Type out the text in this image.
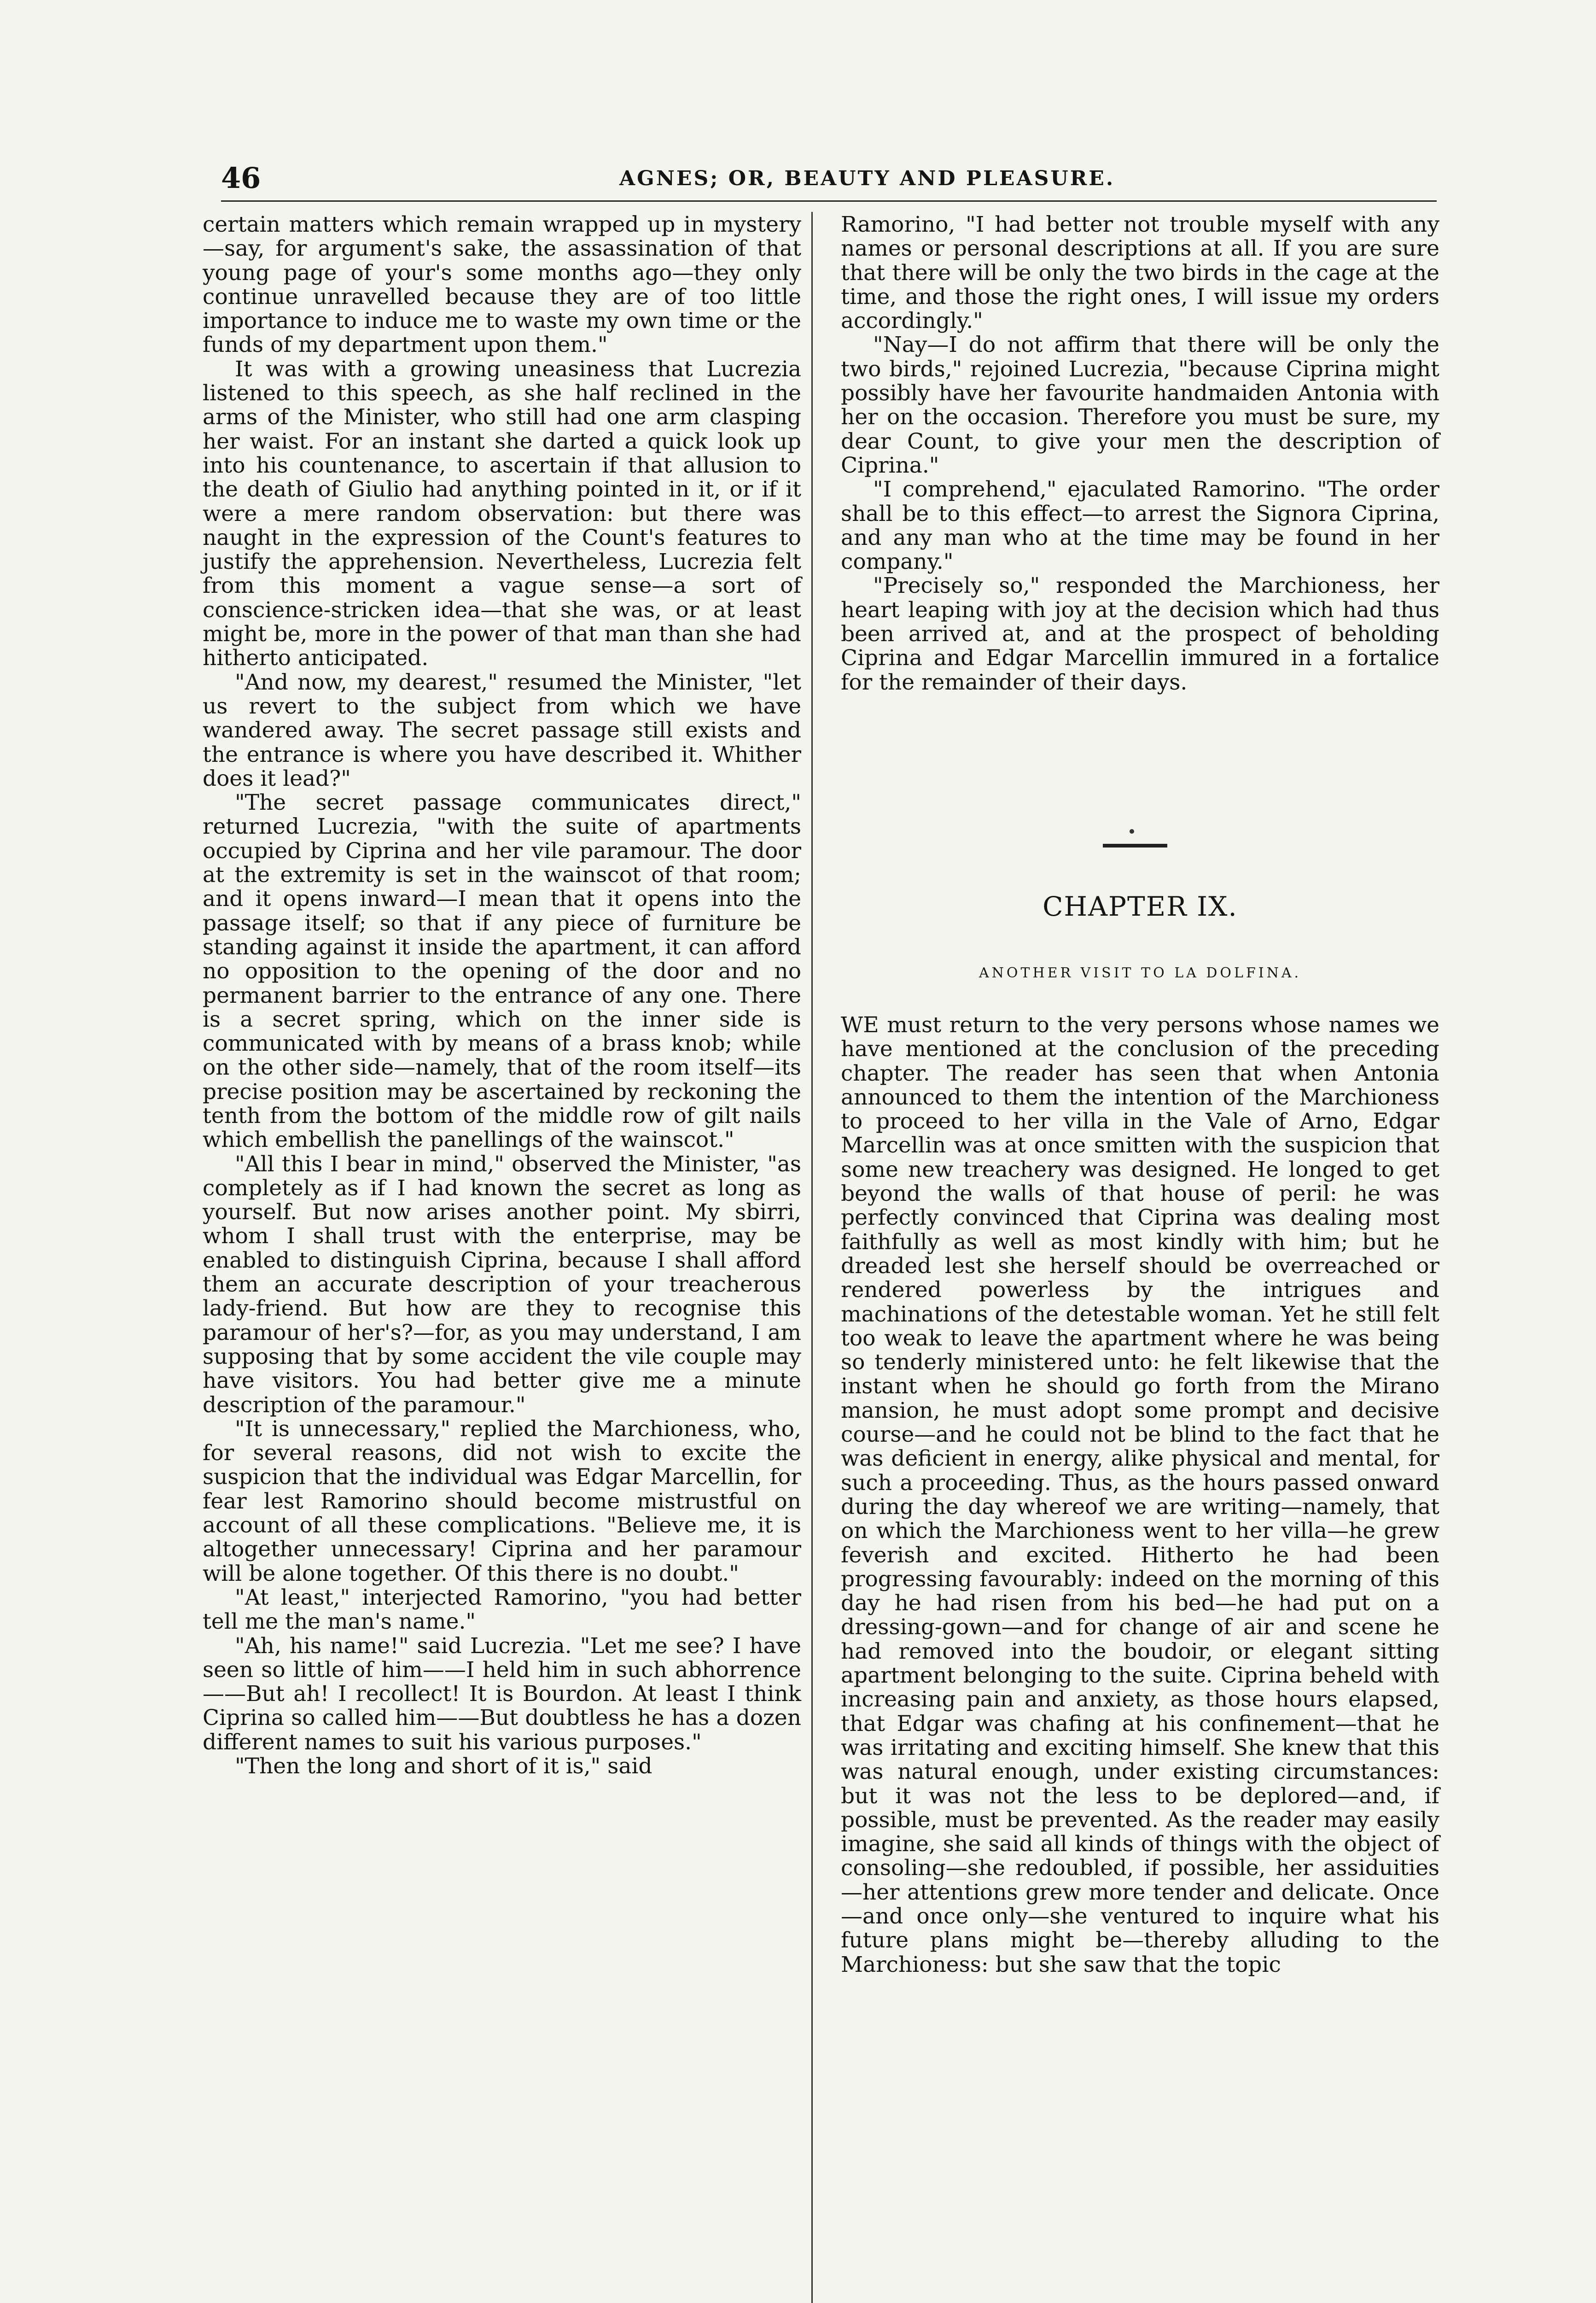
46	AGNES; OR, BEAUTY AND PLEASURE.

certain matters which remain wrapped up in mystery—say, for argument's sake, the assassination of that young page of your's some months ago—they only continue unravelled because they are of too little importance to induce me to waste my own time or the funds of my department upon them."

It was with a growing uneasiness that Lucrezia listened to this speech, as she half reclined in the arms of the Minister, who still had one arm clasping her waist. For an instant she darted a quick look up into his countenance, to ascertain if that allusion to the death of Giulio had anything pointed in it, or if it were a mere random observation: but there was naught in the expression of the Count's features to justify the apprehension. Nevertheless, Lucrezia felt from this moment a vague sense—a sort of conscience-stricken idea—that she was, or at least might be, more in the power of that man than she had hitherto anticipated.

"And now, my dearest," resumed the Minister, "let us revert to the subject from which we have wandered away. The secret passage still exists and the entrance is where you have described it. Whither does it lead?"

"The secret passage communicates direct," returned Lucrezia, "with the suite of apartments occupied by Ciprina and her vile paramour. The door at the extremity is set in the wainscot of that room; and it opens inward—I mean that it opens into the passage itself; so that if any piece of furniture be standing against it inside the apartment, it can afford no opposition to the opening of the door and no permanent barrier to the entrance of any one. There is a secret spring, which on the inner side is communicated with by means of a brass knob; while on the other side—namely, that of the room itself—its precise position may be ascertained by reckoning the tenth from the bottom of the middle row of gilt nails which embellish the panellings of the wainscot."

"All this I bear in mind," observed the Minister, "as completely as if I had known the secret as long as yourself. But now arises another point. My sbirri, whom I shall trust with the enterprise, may be enabled to distinguish Ciprina, because I shall afford them an accurate description of your treacherous lady-friend. But how are they to recognise this paramour of her's?—for, as you may understand, I am supposing that by some accident the vile couple may have visitors. You had better give me a minute description of the paramour."

"It is unnecessary," replied the Marchioness, who, for several reasons, did not wish to excite the suspicion that the individual was Edgar Marcellin, for fear lest Ramorino should become mistrustful on account of all these complications. "Believe me, it is altogether unnecessary! Ciprina and her paramour will be alone together. Of this there is no doubt."

"At least," interjected Ramorino, "you had better tell me the man's name."

"Ah, his name!" said Lucrezia. "Let me see? I have seen so little of him——I held him in such abhorrence——But ah! I recollect! It is Bourdon. At least I think Ciprina so called him——But doubtless he has a dozen different names to suit his various purposes."

"Then the long and short of it is," said

Ramorino, "I had better not trouble myself with any names or personal descriptions at all. If you are sure that there will be only the two birds in the cage at the time, and those the right ones, I will issue my orders accordingly."

"Nay—I do not affirm that there will be only the two birds," rejoined Lucrezia, "because Ciprina might possibly have her favourite handmaiden Antonia with her on the occasion. Therefore you must be sure, my dear Count, to give your men the description of Ciprina."

"I comprehend," ejaculated Ramorino. "The order shall be to this effect—to arrest the Signora Ciprina, and any man who at the time may be found in her company."

"Precisely so," responded the Marchioness, her heart leaping with joy at the decision which had thus been arrived at, and at the prospect of beholding Ciprina and Edgar Marcellin immured in a fortalice for the remainder of their days.

CHAPTER IX.
ANOTHER VISIT TO LA DOLFINA.

WE must return to the very persons whose names we have mentioned at the conclusion of the preceding chapter. The reader has seen that when Antonia announced to them the intention of the Marchioness to proceed to her villa in the Vale of Arno, Edgar Marcellin was at once smitten with the suspicion that some new treachery was designed. He longed to get beyond the walls of that house of peril: he was perfectly convinced that Ciprina was dealing most faithfully as well as most kindly with him; but he dreaded lest she herself should be overreached or rendered powerless by the intrigues and machinations of the detestable woman. Yet he still felt too weak to leave the apartment where he was being so tenderly ministered unto: he felt likewise that the instant when he should go forth from the Mirano mansion, he must adopt some prompt and decisive course—and he could not be blind to the fact that he was deficient in energy, alike physical and mental, for such a proceeding. Thus, as the hours passed onward during the day whereof we are writing—namely, that on which the Marchioness went to her villa—he grew feverish and excited. Hitherto he had been progressing favourably: indeed on the morning of this day he had risen from his bed—he had put on a dressing-gown—and for change of air and scene he had removed into the boudoir, or elegant sitting apartment belonging to the suite. Ciprina beheld with increasing pain and anxiety, as those hours elapsed, that Edgar was chafing at his confinement—that he was irritating and exciting himself. She knew that this was natural enough, under existing circumstances: but it was not the less to be deplored—and, if possible, must be prevented. As the reader may easily imagine, she said all kinds of things with the object of consoling—she redoubled, if possible, her assiduities—her attentions grew more tender and delicate. Once—and once only—she ventured to inquire what his future plans might be—thereby alluding to the Marchioness: but she saw that the topic
